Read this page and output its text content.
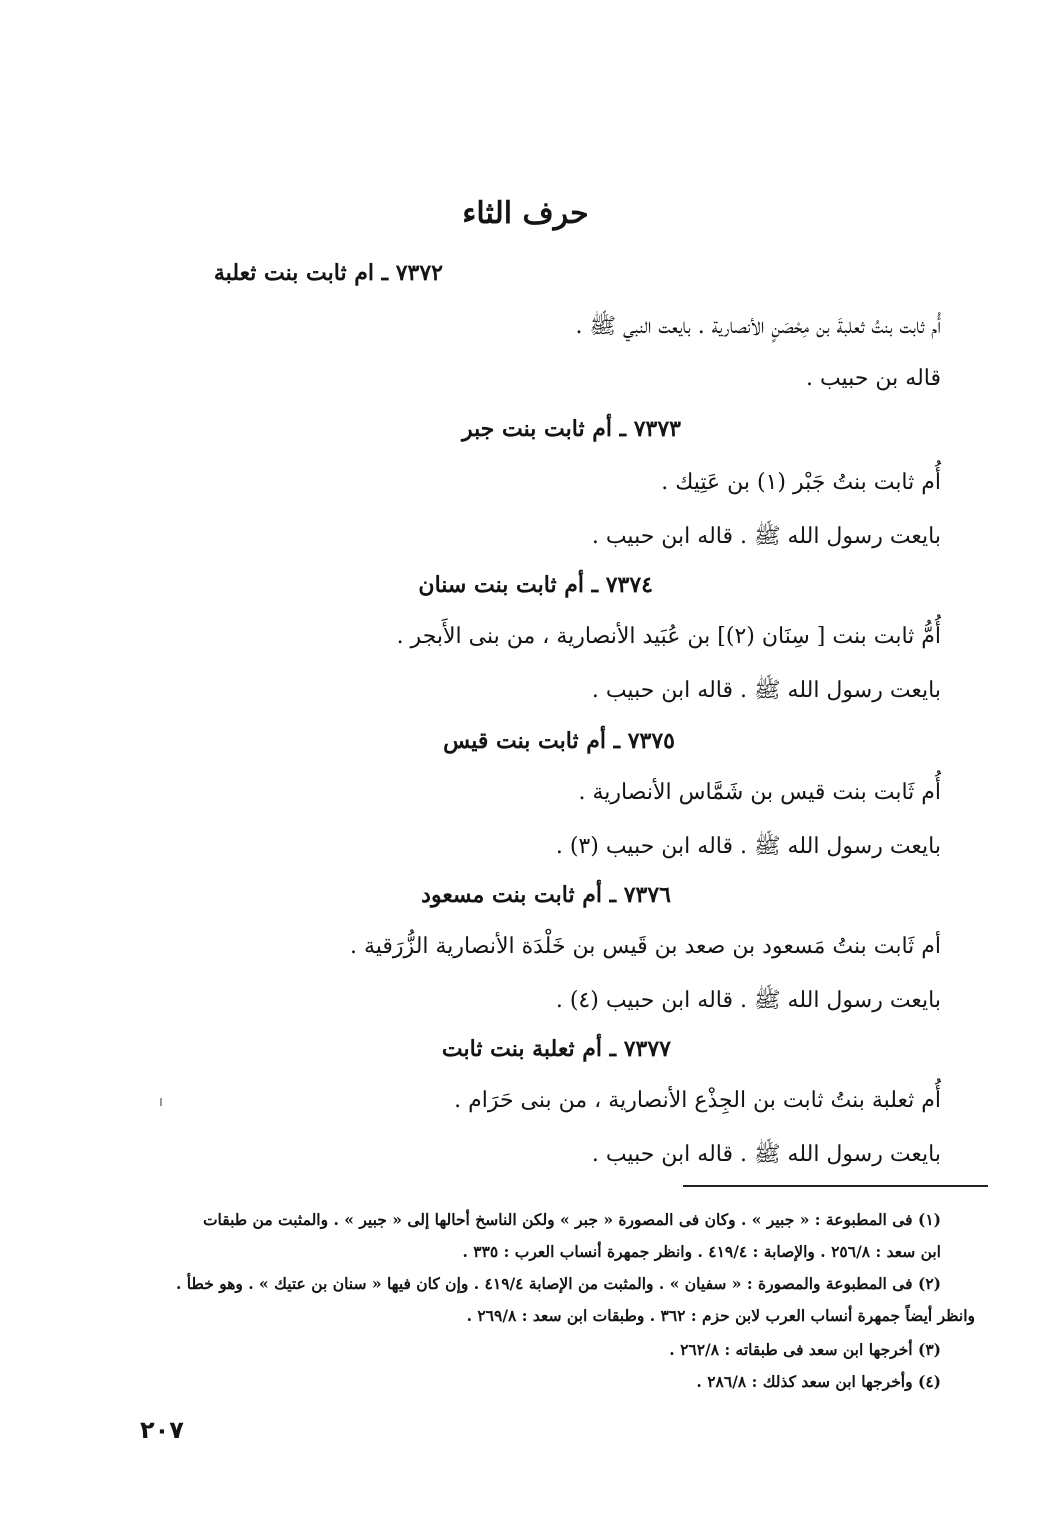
حرف الثاء
٧٣٧٢ ـ ام ثابت بنت ثعلبة
أُم ثابت بنتُ ثعلبةَ بن مِحْصَنٍ الأنصارية . بايعت النبي ﷺ .
قاله بن حبيب .
٧٣٧٣ ـ أم ثابت بنت جبر
أُم ثابت بنتُ جَبْر (١) بن عَتِيك .
بايعت رسول الله ﷺ . قاله ابن حبيب .
٧٣٧٤ ـ أم ثابت بنت سنان
أُمُّ ثابت بنت [ سِنَان (٢)] بن عُبَيد الأنصارية ، من بنى الأَبجر .
بايعت رسول الله ﷺ . قاله ابن حبيب .
٧٣٧٥ ـ أم ثابت بنت قيس
أُم ثَابت بنت قيس بن شَمَّاس الأنصارية .
بايعت رسول الله ﷺ . قاله ابن حبيب (٣) .
٧٣٧٦ ـ أم ثابت بنت مسعود
أم ثَابت بنتُ مَسعود بن صعد بن قَيس بن خَلْدَة الأنصارية الزُّرَقية .
بايعت رسول الله ﷺ . قاله ابن حبيب (٤) .
٧٣٧٧ ـ أم ثعلبة بنت ثابت
أُم ثعلبة بنتُ ثابت بن الجِذْع الأنصارية ، من بنى حَرَام .
بايعت رسول الله ﷺ . قاله ابن حبيب .
(١) فى المطبوعة : « جبير » . وكان فى المصورة « جبر » ولكن الناسخ أحالها إلى « جبير » . والمثبت من طبقات
ابن سعد : ٢٥٦/٨ . والإصابة : ٤١٩/٤ . وانظر جمهرة أنساب العرب : ٣٣٥ .
(٢) فى المطبوعة والمصورة : « سفيان » . والمثبت من الإصابة ٤١٩/٤ . وإن كان فيها « سنان بن عتيك » . وهو خطأ .
وانظر أيضاً جمهرة أنساب العرب لابن حزم : ٣٦٢ . وطبقات ابن سعد : ٢٦٩/٨ .
(٣) أخرجها ابن سعد فى طبقاته : ٢٦٢/٨ .
(٤) وأخرجها ابن سعد كذلك : ٢٨٦/٨ .
٢٠٧
